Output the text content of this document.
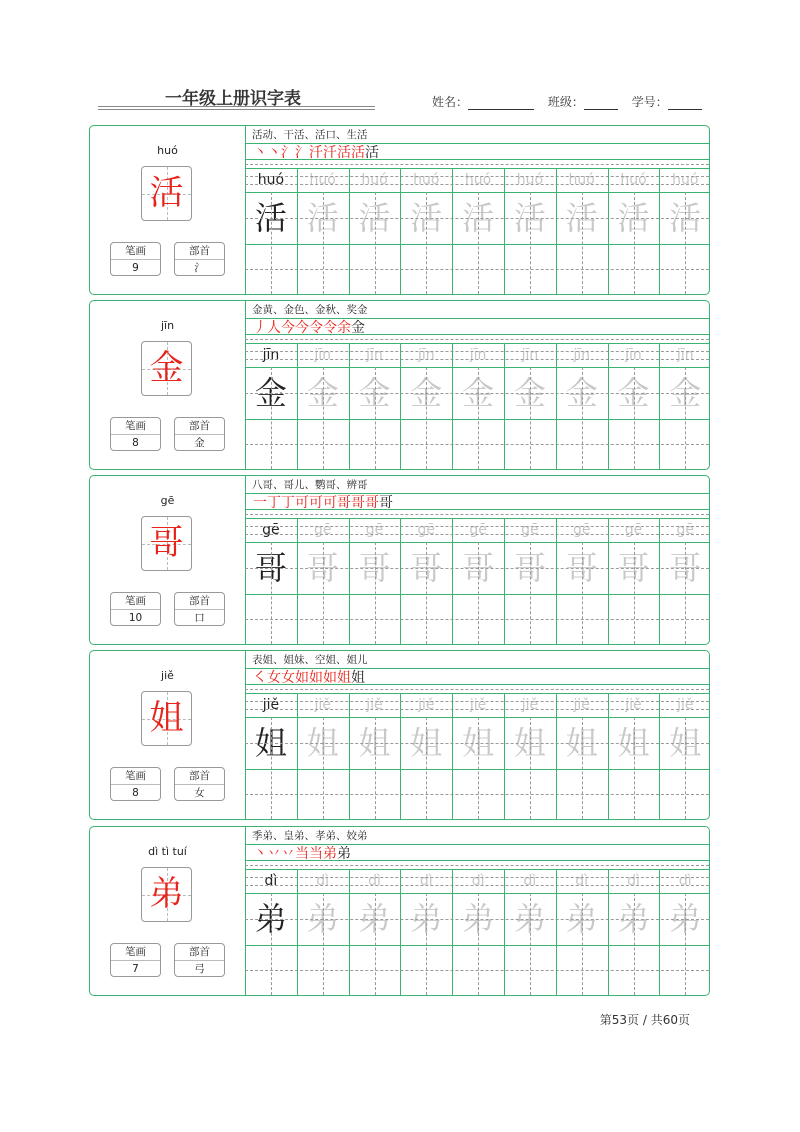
一年级上册识字表	姓名：	班级：	学号：
huó
活
笔画
9
部首
氵
活动、干活、活口、生活
丶丶氵氵汘汘活活活
huó	huó	huó	huó	huó	huó	huó	huó	huó
活 活 活 活 活 活 活 活 活
jīn
金
笔画
8
部首
金
金黄、金色、金秋、奖金
丿人今今令令余金
jīn	jīn	jīn	jīn	jīn	jīn	jīn	jīn	jīn
金 金 金 金 金 金 金 金 金
gē
哥
笔画
10
部首
口
八哥、哥儿、鹦哥、辨哥
一丁丁可可可哥哥哥哥
gē	gē	gē	gē	gē	gē	gē	gē	gē
哥 哥 哥 哥 哥 哥 哥 哥 哥
jiě
姐
笔画
8
部首
女
表姐、姐妹、空姐、姐儿
㇛女女如如如姐姐
jiě	jiě	jiě	jiě	jiě	jiě	jiě	jiě	jiě
姐 姐 姐 姐 姐 姐 姐 姐 姐
dì tì tuí
弟
笔画
7
部首
弓
季弟、皇弟、孝弟、姣弟
丶丷丷当当弟弟
dì	dì	dì	dì	dì	dì	dì	dì	dì
弟 弟 弟 弟 弟 弟 弟 弟 弟
第53页 / 共60页
